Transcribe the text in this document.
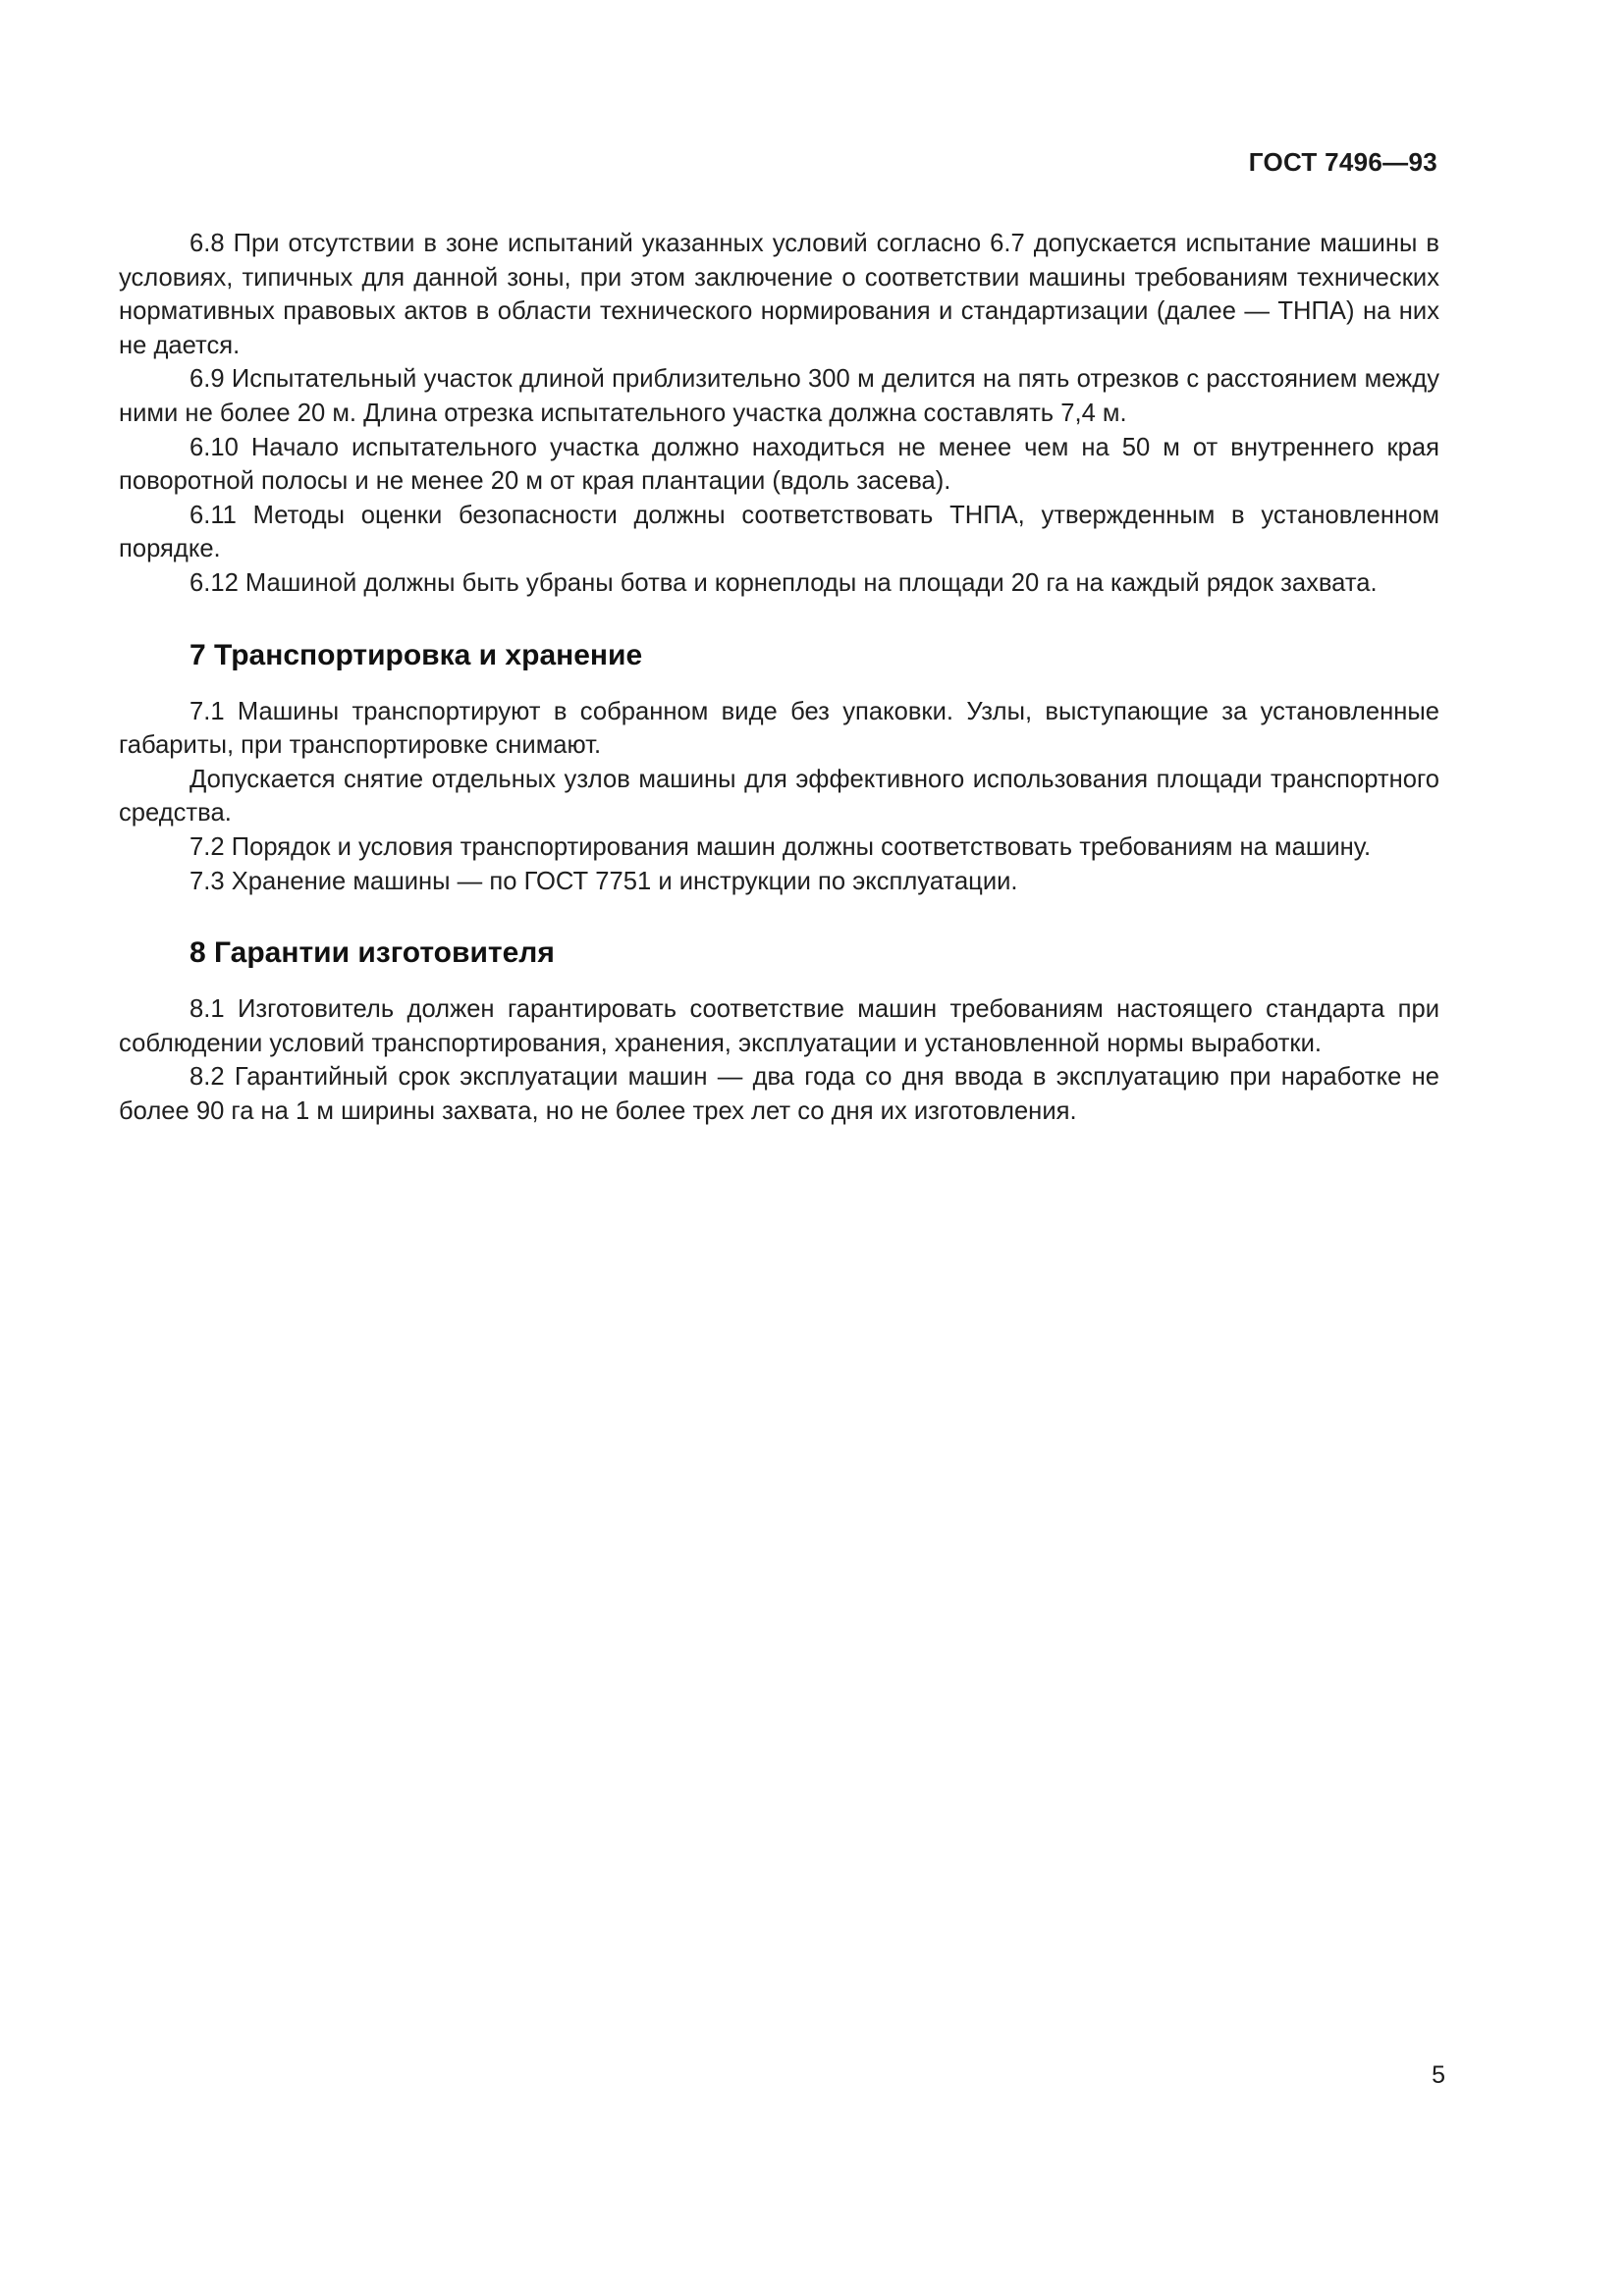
ГОСТ 7496—93

6.8 При отсутствии в зоне испытаний указанных условий согласно 6.7 допускается испытание машины в условиях, типичных для данной зоны, при этом заключение о соответствии машины требованиям технических нормативных правовых актов в области технического нормирования и стандартизации (далее — ТНПА) на них не дается.

6.9 Испытательный участок длиной приблизительно 300 м делится на пять отрезков с расстоянием между ними не более 20 м. Длина отрезка испытательного участка должна составлять 7,4 м.

6.10 Начало испытательного участка должно находиться не менее чем на 50 м от внутреннего края поворотной полосы и не менее 20 м от края плантации (вдоль засева).

6.11 Методы оценки безопасности должны соответствовать ТНПА, утвержденным в установленном порядке.

6.12 Машиной должны быть убраны ботва и корнеплоды на площади 20 га на каждый рядок захвата.

7 Транспортировка и хранение

7.1 Машины транспортируют в собранном виде без упаковки. Узлы, выступающие за установленные габариты, при транспортировке снимают.

Допускается снятие отдельных узлов машины для эффективного использования площади транспортного средства.

7.2 Порядок и условия транспортирования машин должны соответствовать требованиям на машину.

7.3 Хранение машины — по ГОСТ 7751 и инструкции по эксплуатации.

8 Гарантии изготовителя

8.1 Изготовитель должен гарантировать соответствие машин требованиям настоящего стандарта при соблюдении условий транспортирования, хранения, эксплуатации и установленной нормы выработки.

8.2 Гарантийный срок эксплуатации машин — два года со дня ввода в эксплуатацию при наработке не более 90 га на 1 м ширины захвата, но не более трех лет со дня их изготовления.

5
